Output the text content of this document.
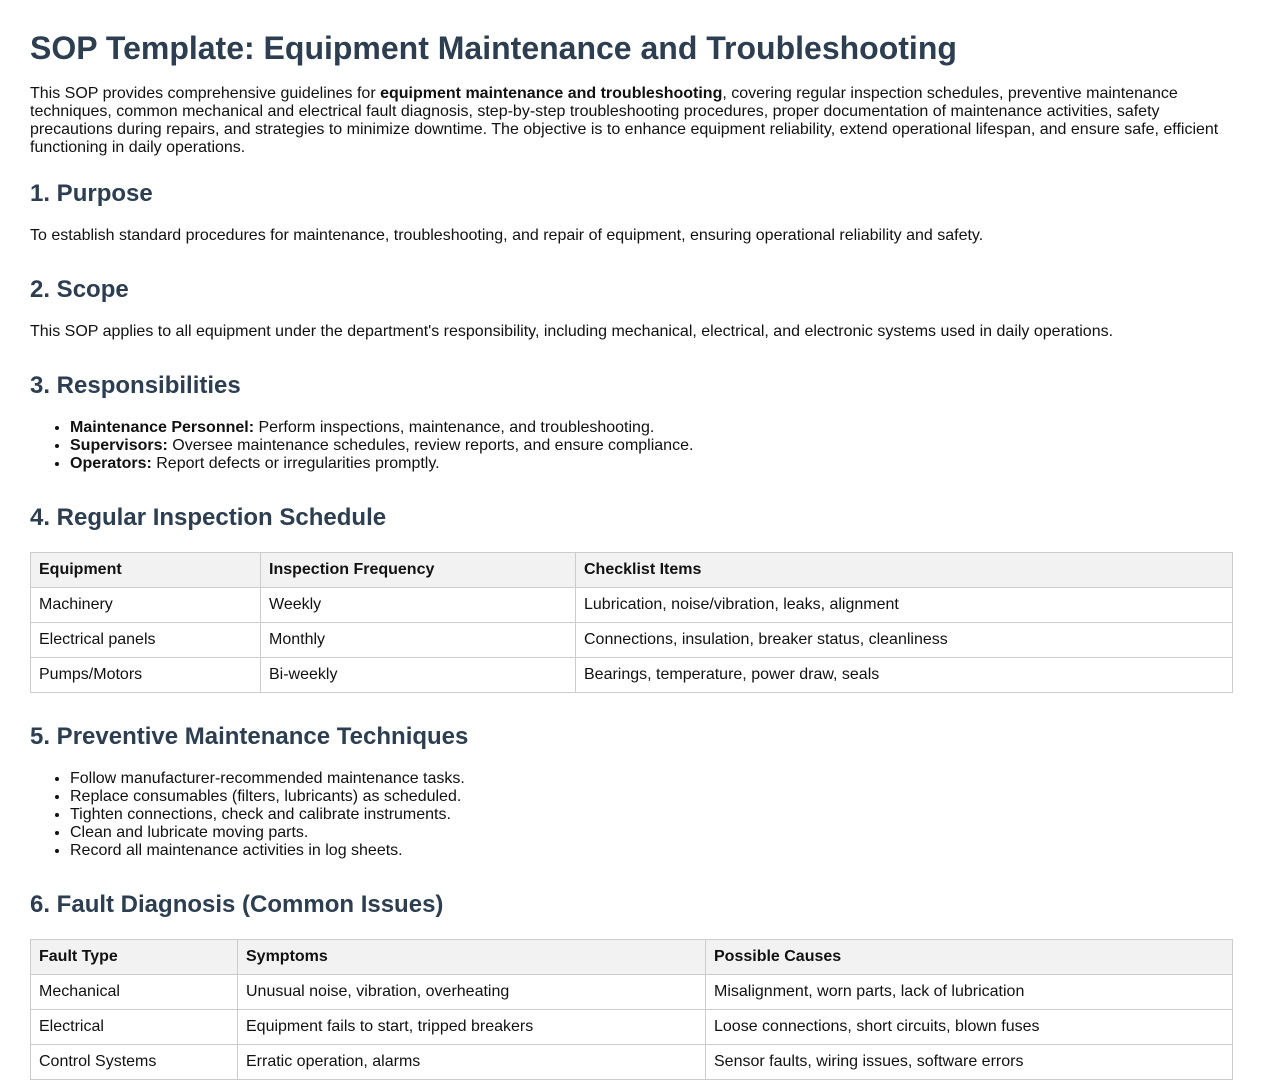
SOP Template: Equipment Maintenance and Troubleshooting

This SOP provides comprehensive guidelines for equipment maintenance and troubleshooting, covering regular inspection schedules, preventive maintenance techniques, common mechanical and electrical fault diagnosis, step-by-step troubleshooting procedures, proper documentation of maintenance activities, safety precautions during repairs, and strategies to minimize downtime. The objective is to enhance equipment reliability, extend operational lifespan, and ensure safe, efficient functioning in daily operations.

1. Purpose

To establish standard procedures for maintenance, troubleshooting, and repair of equipment, ensuring operational reliability and safety.

2. Scope

This SOP applies to all equipment under the department's responsibility, including mechanical, electrical, and electronic systems used in daily operations.

3. Responsibilities
• Maintenance Personnel: Perform inspections, maintenance, and troubleshooting.
• Supervisors: Oversee maintenance schedules, review reports, and ensure compliance.
• Operators: Report defects or irregularities promptly.
4. Regular Inspection Schedule
Equipment	Inspection Frequency	Checklist Items
Machinery	Weekly	Lubrication, noise/vibration, leaks, alignment
Electrical panels	Monthly	Connections, insulation, breaker status, cleanliness
Pumps/Motors	Bi-weekly	Bearings, temperature, power draw, seals
5. Preventive Maintenance Techniques
• Follow manufacturer-recommended maintenance tasks.
• Replace consumables (filters, lubricants) as scheduled.
• Tighten connections, check and calibrate instruments.
• Clean and lubricate moving parts.
• Record all maintenance activities in log sheets.
6. Fault Diagnosis (Common Issues)
Fault Type	Symptoms	Possible Causes
Mechanical	Unusual noise, vibration, overheating	Misalignment, worn parts, lack of lubrication
Electrical	Equipment fails to start, tripped breakers	Loose connections, short circuits, blown fuses
Control Systems	Erratic operation, alarms	Sensor faults, wiring issues, software errors
